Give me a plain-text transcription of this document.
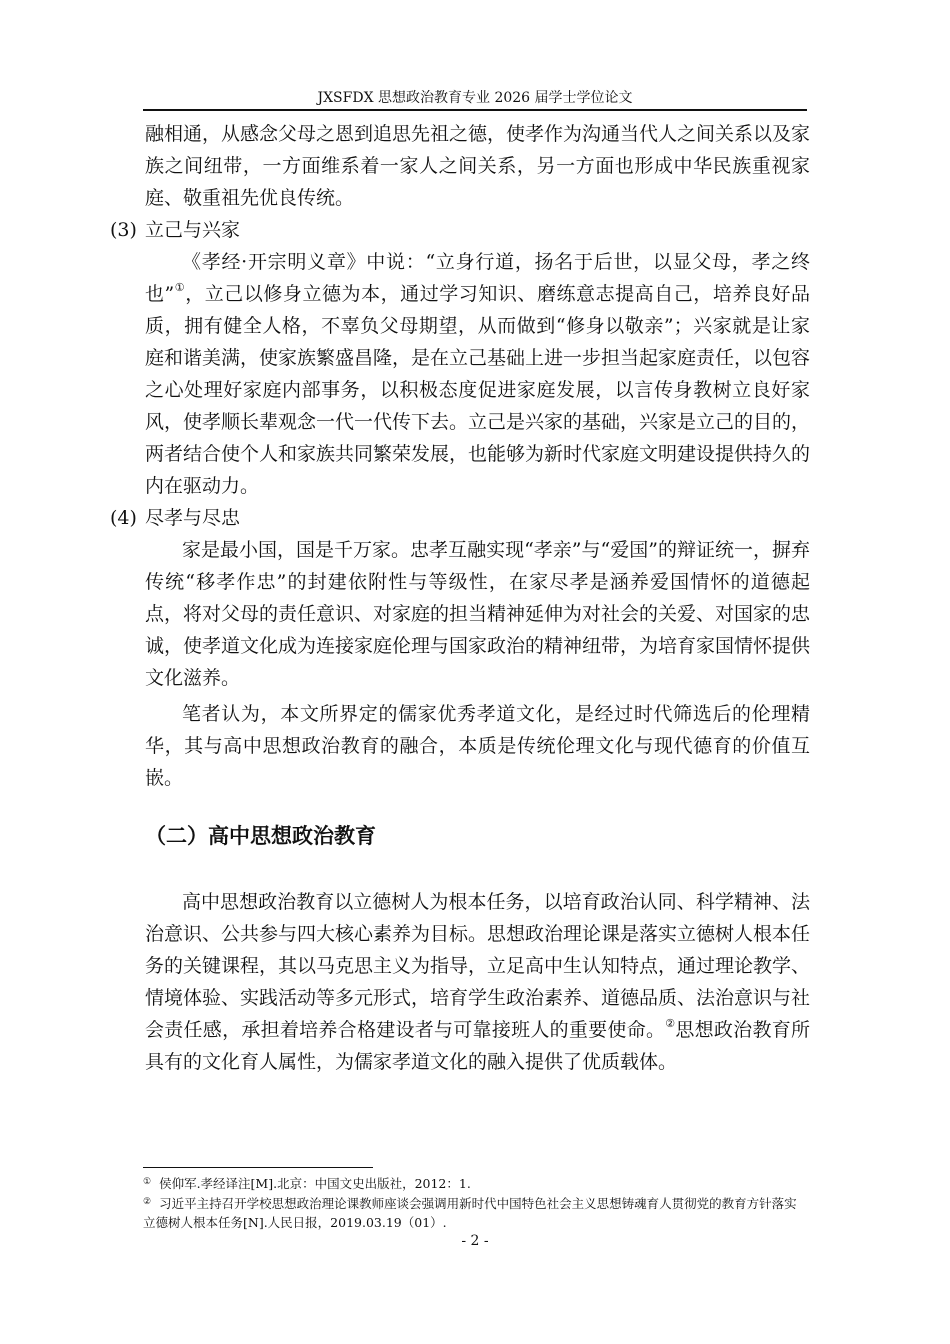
JXSFDX 思想政治教育专业 2026 届学士学位论文

融相通，从感念父母之恩到追思先祖之德，使孝作为沟通当代人之间关系以及家族之间纽带，一方面维系着一家人之间关系，另一方面也形成中华民族重视家庭、敬重祖先优良传统。

(3) 立己与兴家

《孝经·开宗明义章》中说：“立身行道，扬名于后世，以显父母，孝之终也”①，立己以修身立德为本，通过学习知识、磨练意志提高自己，培养良好品质，拥有健全人格，不辜负父母期望，从而做到“修身以敬亲”；兴家就是让家庭和谐美满，使家族繁盛昌隆，是在立己基础上进一步担当起家庭责任，以包容之心处理好家庭内部事务，以积极态度促进家庭发展，以言传身教树立良好家风，使孝顺长辈观念一代一代传下去。立己是兴家的基础，兴家是立己的目的，两者结合使个人和家族共同繁荣发展，也能够为新时代家庭文明建设提供持久的内在驱动力。

(4) 尽孝与尽忠

家是最小国，国是千万家。忠孝互融实现“孝亲”与“爱国”的辩证统一，摒弃传统“移孝作忠”的封建依附性与等级性，在家尽孝是涵养爱国情怀的道德起点，将对父母的责任意识、对家庭的担当精神延伸为对社会的关爱、对国家的忠诚，使孝道文化成为连接家庭伦理与国家政治的精神纽带，为培育家国情怀提供文化滋养。

笔者认为，本文所界定的儒家优秀孝道文化，是经过时代筛选后的伦理精华，其与高中思想政治教育的融合，本质是传统伦理文化与现代德育的价值互嵌。

（二）高中思想政治教育

高中思想政治教育以立德树人为根本任务，以培育政治认同、科学精神、法治意识、公共参与四大核心素养为目标。思想政治理论课是落实立德树人根本任务的关键课程，其以马克思主义为指导，立足高中生认知特点，通过理论教学、情境体验、实践活动等多元形式，培育学生政治素养、道德品质、法治意识与社会责任感，承担着培养合格建设者与可靠接班人的重要使命。②思想政治教育所具有的文化育人属性，为儒家孝道文化的融入提供了优质载体。

① 侯仰军.孝经译注[M].北京：中国文史出版社，2012：1.

② 习近平主持召开学校思想政治理论课教师座谈会强调用新时代中国特色社会主义思想铸魂育人贯彻党的教育方针落实立德树人根本任务[N].人民日报，2019.03.19（01）.

- 2 -
